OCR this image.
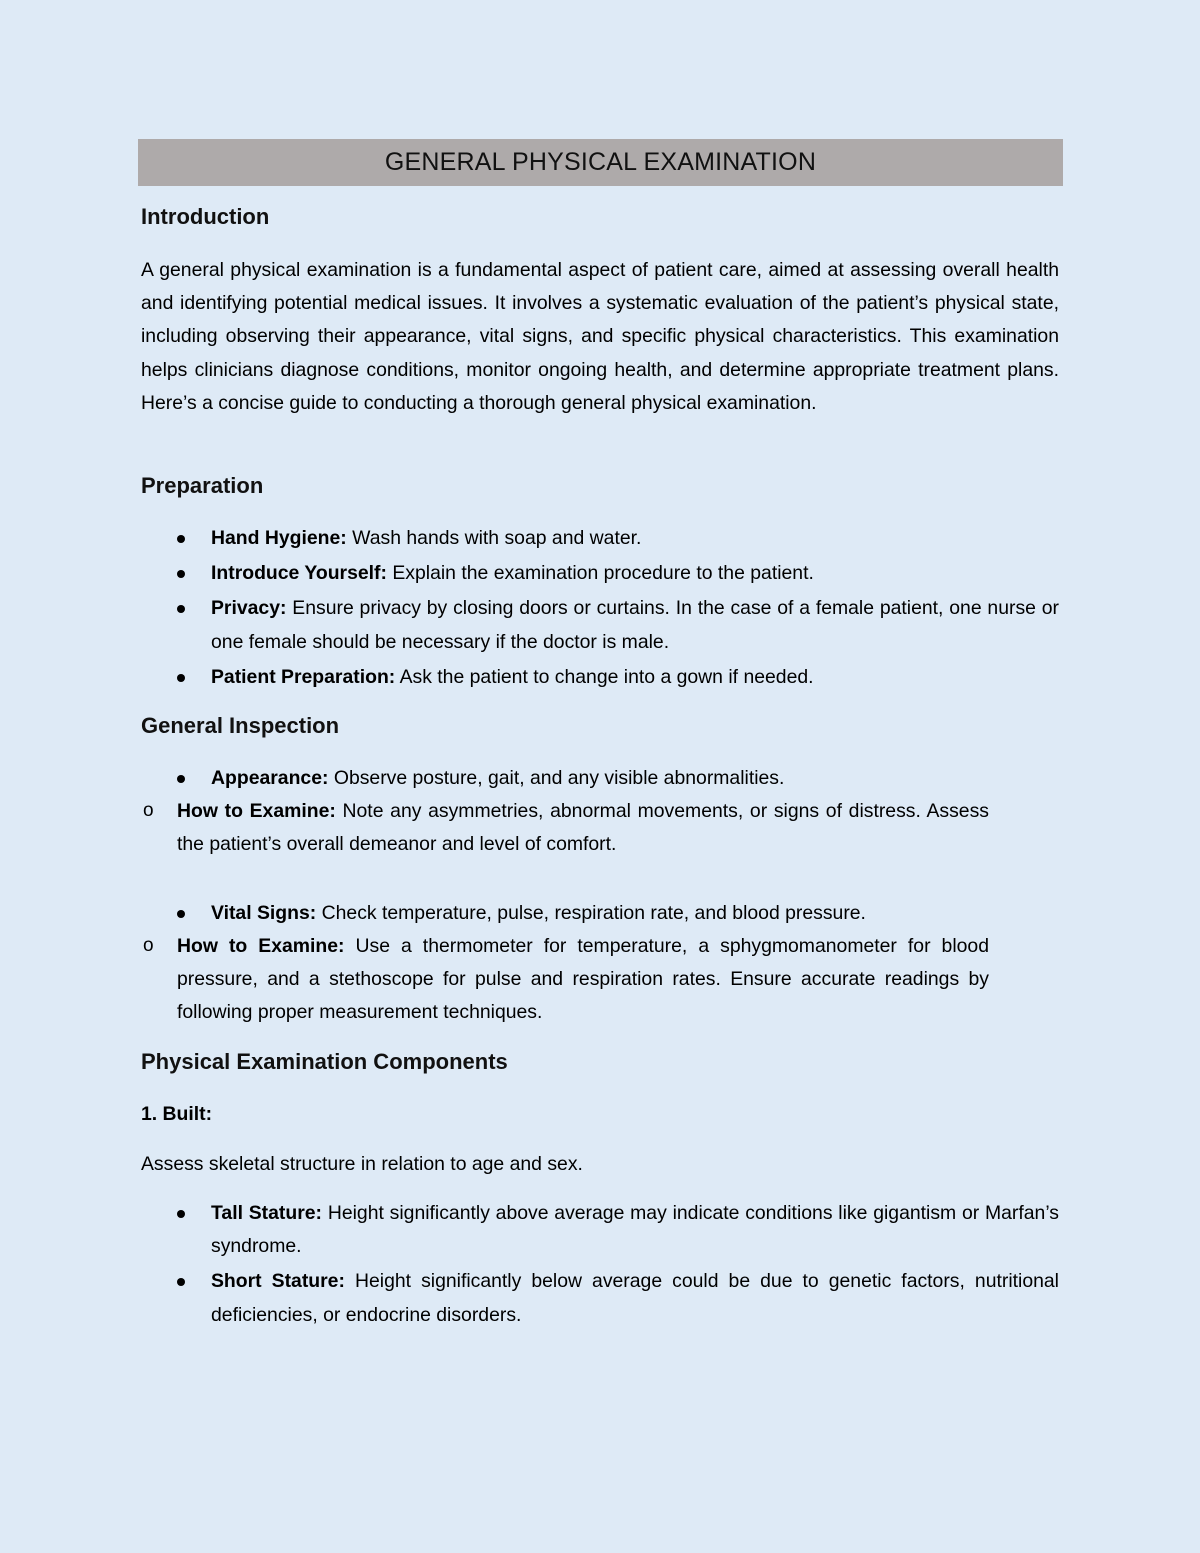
GENERAL PHYSICAL EXAMINATION
Introduction
A general physical examination is a fundamental aspect of patient care, aimed at assessing overall health and identifying potential medical issues. It involves a systematic evaluation of the patient’s physical state, including observing their appearance, vital signs, and specific physical characteristics. This examination helps clinicians diagnose conditions, monitor ongoing health, and determine appropriate treatment plans. Here’s a concise guide to conducting a thorough general physical examination.
Preparation
Hand Hygiene: Wash hands with soap and water.
Introduce Yourself: Explain the examination procedure to the patient.
Privacy: Ensure privacy by closing doors or curtains. In the case of a female patient, one nurse or one female should be necessary if the doctor is male.
Patient Preparation: Ask the patient to change into a gown if needed.
General Inspection
Appearance: Observe posture, gait, and any visible abnormalities.
o How to Examine: Note any asymmetries, abnormal movements, or signs of distress. Assess the patient’s overall demeanor and level of comfort.
Vital Signs: Check temperature, pulse, respiration rate, and blood pressure.
o How to Examine: Use a thermometer for temperature, a sphygmomanometer for blood pressure, and a stethoscope for pulse and respiration rates. Ensure accurate readings by following proper measurement techniques.
Physical Examination Components
1. Built:
Assess skeletal structure in relation to age and sex.
Tall Stature: Height significantly above average may indicate conditions like gigantism or Marfan’s syndrome.
Short Stature: Height significantly below average could be due to genetic factors, nutritional deficiencies, or endocrine disorders.
